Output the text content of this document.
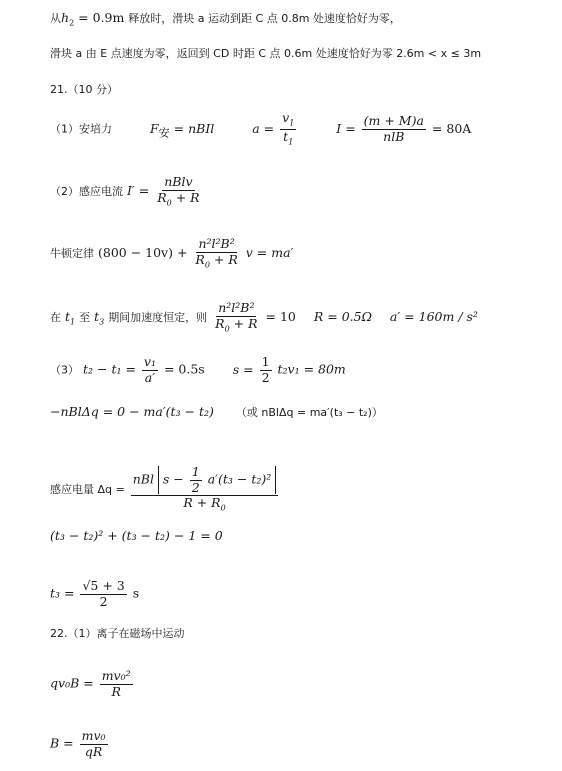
从$h_2 = 0.9m$ 释放时，滑块 a 运动到距 C 点 0.8m 处速度恰好为零，
滑块 a 由 E 点速度为零，返回到 CD 时距 C 点 0.6m 处速度恰好为零 2.6m < x ≤ 3m
21.（10 分）
（1）安培力	$F_安$ = nBIl	$a = \frac{v_1}{t_1}$	I = (m + M)a
nlB
= 80A
（2）感应电流 I′ =
nBlv
$R_0 + R$
牛顿定律 $(800 - 10v) + \frac{\text{n²l²B²}}{R_0 + R}$ v = ma′
在 $t_1$ 至 $t_3$ 期间加速度恒定，则 $\frac{\text{n²l²B²}}{R_0 + R} = 10$ R = 0.5Ω a′ = 160m / s²
（3） $t_2 - t_1 = \frac{\text{v₁}}{a'} = 0.5s$ $s = \frac{1}{2} t_2v_1 = 80m$
−nBlΔq = 0 − ma′(t₃ − t₂) （或 nBlΔq = ma′(t₃ − t₂)）
感应电量 Δq =
nBl $s - \frac{1}{2} a'(t_3 - t_2)^2$
$R + R_0$
(t₃ − t₂)² + (t₃ − t₂) − 1 = 0
$t_3 = \frac{√5 + 3}{2}$ s
22.（1）离子在磁场中运动
$qv_0B = \frac{\text{mv₀²}}{R}$
$B = \frac{\text{mv₀}}{qR}$
